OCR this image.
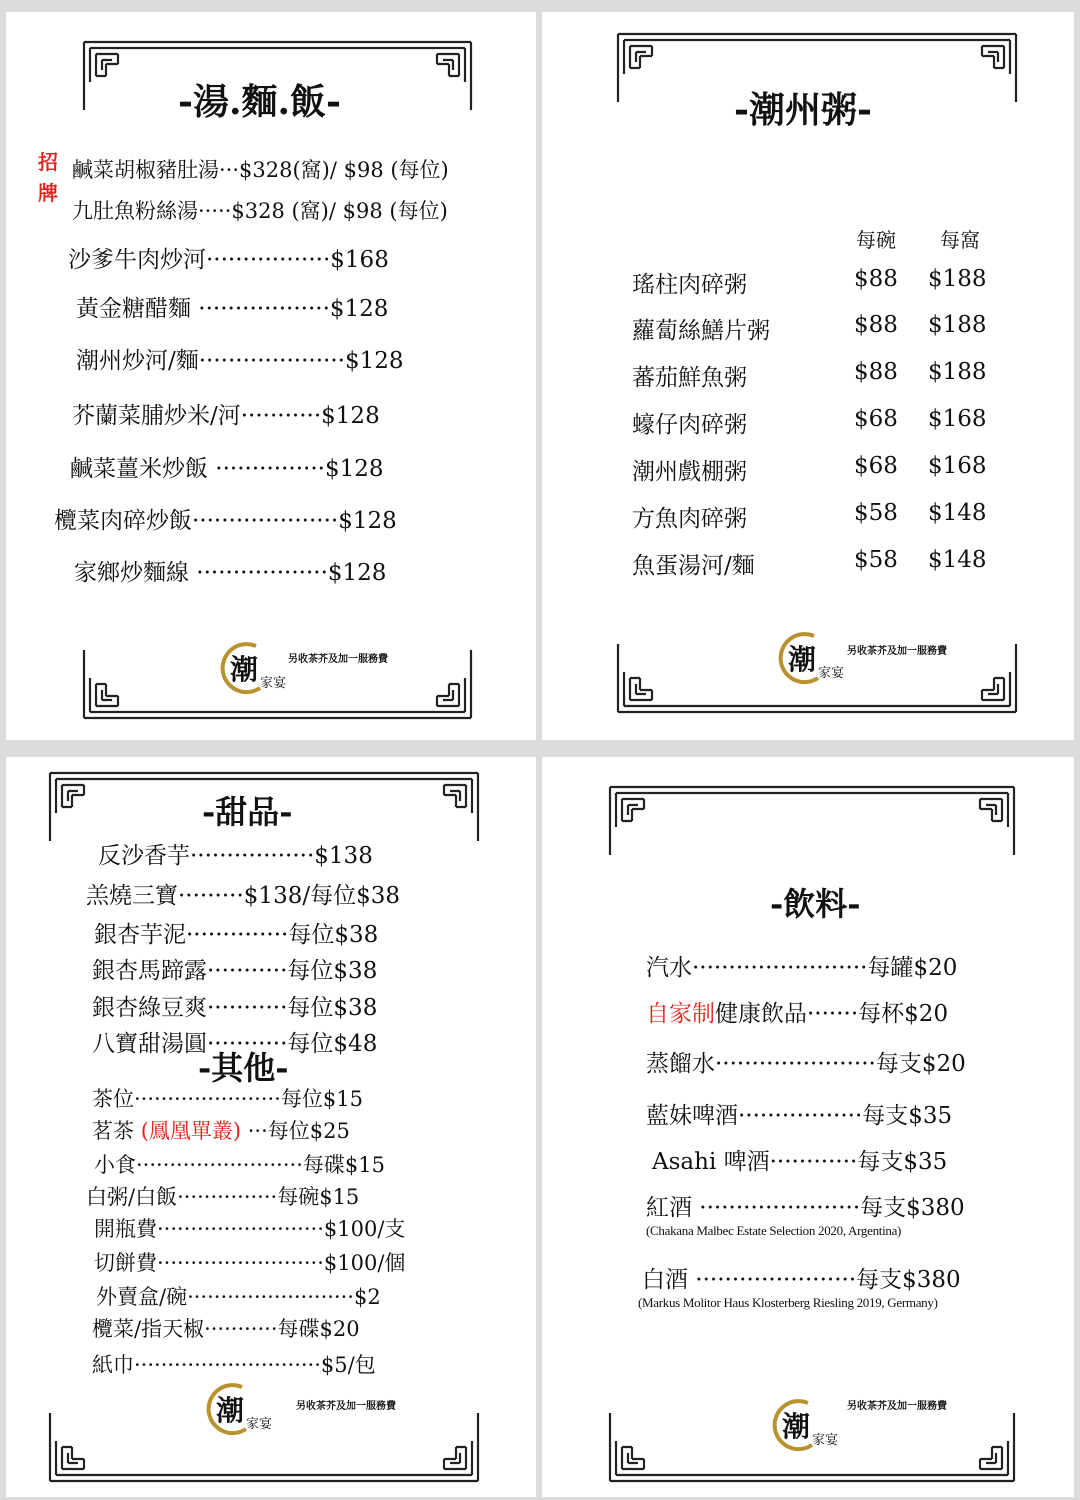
-湯.麵.飯-
招
牌
鹹菜胡椒豬肚湯···$328(窩)/ $98 (每位)
九肚魚粉絲湯·····$328 (窩)/ $98 (每位)
沙爹牛肉炒河·················$168
黃金糖醋麵 ··················$128
潮州炒河/麵····················$128
芥蘭菜脯炒米/河···········$128
鹹菜薑米炒飯 ···············$128
欖菜肉碎炒飯····················$128
家鄉炒麵線 ··················$128
潮 家宴
另收茶芥及加一服務費
-潮州粥-
每碗 每窩
瑤柱肉碎粥	$88 $188
蘿蔔絲鱔片粥	$88 $188
蕃茄鮮魚粥	$88 $188
蠔仔肉碎粥	$68 $168
潮州戲棚粥	$68 $168
方魚肉碎粥	$58 $148
魚蛋湯河/麵	$58 $148
潮 家宴
另收茶芥及加一服務費
-甜品-
反沙香芋·················$138
羔燒三寶·········$138/每位$38
銀杏芋泥··············每位$38
銀杏馬蹄露···········每位$38
銀杏綠豆爽···········每位$38
八寶甜湯圓···········每位$48
-其他-
茶位······················每位$15
茗茶 (鳳凰單叢) ···每位$25
小食·························每碟$15
白粥/白飯···············每碗$15
開瓶費·························$100/支
切餅費·························$100/個
外賣盒/碗·························$2
欖菜/指天椒···········每碟$20
紙巾····························$5/包
潮 家宴
另收茶芥及加一服務費
-飲料-
汽水························每罐$20
自家制健康飲品·······每杯$20
蒸餾水······················每支$20
藍妹啤酒·················每支$35
Asahi 啤酒············每支$35
紅酒 ······················每支$380
(Chakana Malbec Estate Selection 2020, Argentina)
白酒 ······················每支$380
(Markus Molitor Haus Klosterberg Riesling 2019, Germany)
潮 家宴
另收茶芥及加一服務費
